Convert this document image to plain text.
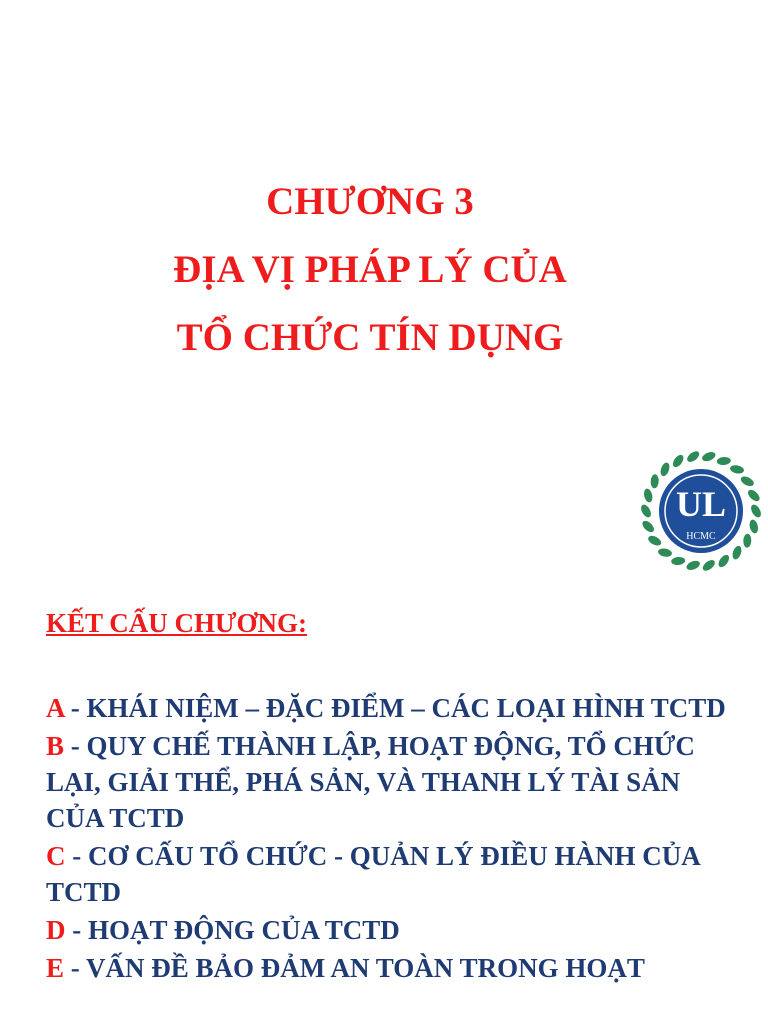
CHƯƠNG 3
ĐỊA VỊ PHÁP LÝ CỦA
TỔ CHỨC TÍN DỤNG
UL
HCMC
KẾT CẤU CHƯƠNG:
A - KHÁI NIỆM – ĐẶC ĐIỂM – CÁC LOẠI HÌNH TCTD
B - QUY CHẾ THÀNH LẬP, HOẠT ĐỘNG, TỔ CHỨC LẠI, GIẢI THỂ, PHÁ SẢN, VÀ THANH LÝ TÀI SẢN CỦA TCTD
C - CƠ CẤU TỔ CHỨC - QUẢN LÝ ĐIỀU HÀNH CỦA TCTD
D - HOẠT ĐỘNG CỦA TCTD
E - VẤN ĐỀ BẢO ĐẢM AN TOÀN TRONG HOẠT
